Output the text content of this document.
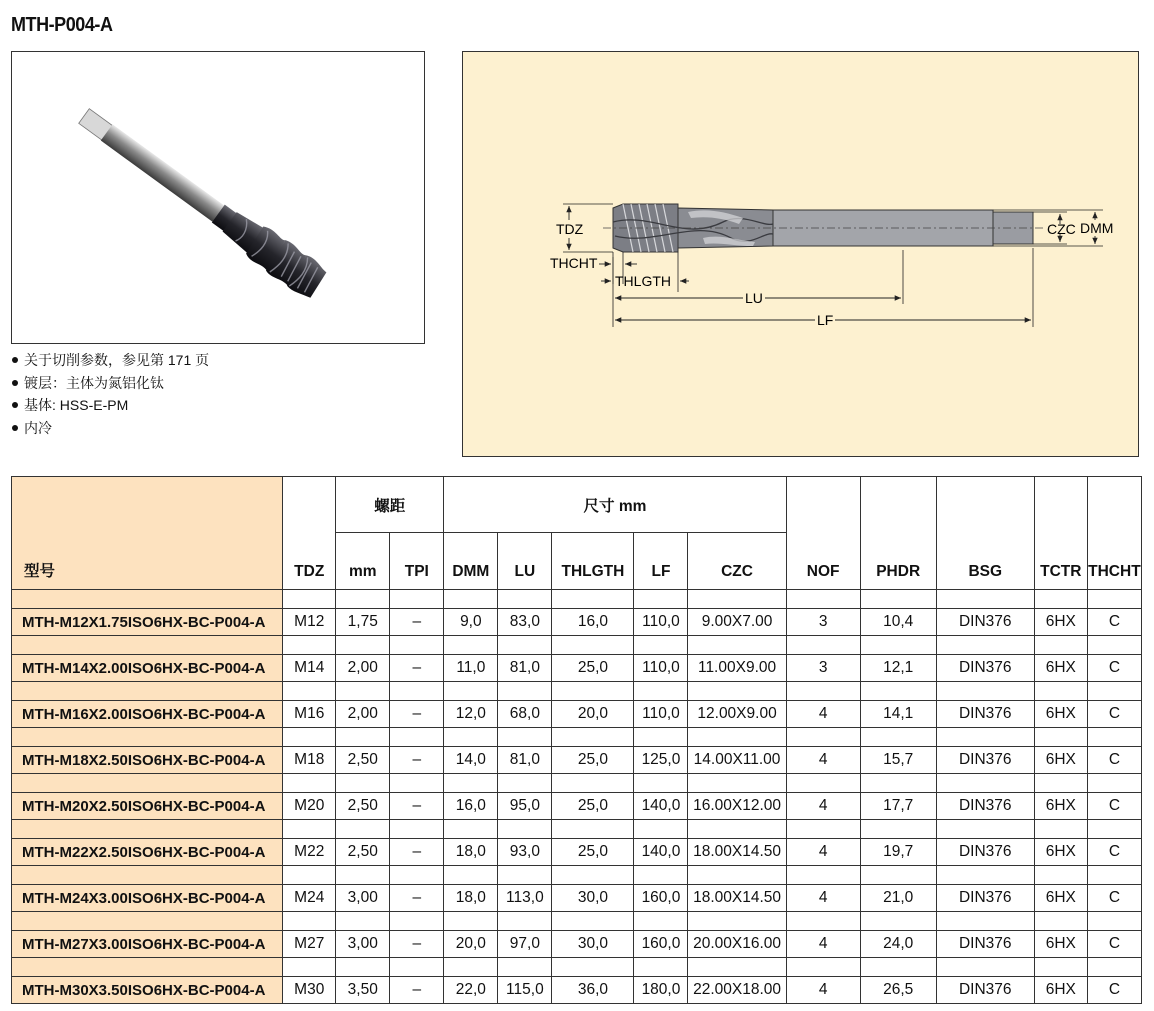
MTH-P004-A
关于切削参数，参见第 171 页
镀层：主体为氮铝化钛
基体: HSS-E-PM
内冷
TDZ
THCHT
THLGTH
LU
LF
CZC DMM
型号	TDZ	螺距		尺寸 mm					NOF	PHDR	BSG	TCTR	THCHT
		mm	TPI	DMM	LU	THLGTH	LF	CZC					

MTH-M12X1.75ISO6HX-BC-P004-A	M12	1,75	–	9,0	83,0	16,0	110,0	9.00X7.00	3	10,4	DIN376	6HX	C

MTH-M14X2.00ISO6HX-BC-P004-A	M14	2,00	–	11,0	81,0	25,0	110,0	11.00X9.00	3	12,1	DIN376	6HX	C

MTH-M16X2.00ISO6HX-BC-P004-A	M16	2,00	–	12,0	68,0	20,0	110,0	12.00X9.00	4	14,1	DIN376	6HX	C

MTH-M18X2.50ISO6HX-BC-P004-A	M18	2,50	–	14,0	81,0	25,0	125,0	14.00X11.00	4	15,7	DIN376	6HX	C

MTH-M20X2.50ISO6HX-BC-P004-A	M20	2,50	–	16,0	95,0	25,0	140,0	16.00X12.00	4	17,7	DIN376	6HX	C

MTH-M22X2.50ISO6HX-BC-P004-A	M22	2,50	–	18,0	93,0	25,0	140,0	18.00X14.50	4	19,7	DIN376	6HX	C

MTH-M24X3.00ISO6HX-BC-P004-A	M24	3,00	–	18,0	113,0	30,0	160,0	18.00X14.50	4	21,0	DIN376	6HX	C

MTH-M27X3.00ISO6HX-BC-P004-A	M27	3,00	–	20,0	97,0	30,0	160,0	20.00X16.00	4	24,0	DIN376	6HX	C

MTH-M30X3.50ISO6HX-BC-P004-A	M30	3,50	–	22,0	115,0	36,0	180,0	22.00X18.00	4	26,5	DIN376	6HX	C
